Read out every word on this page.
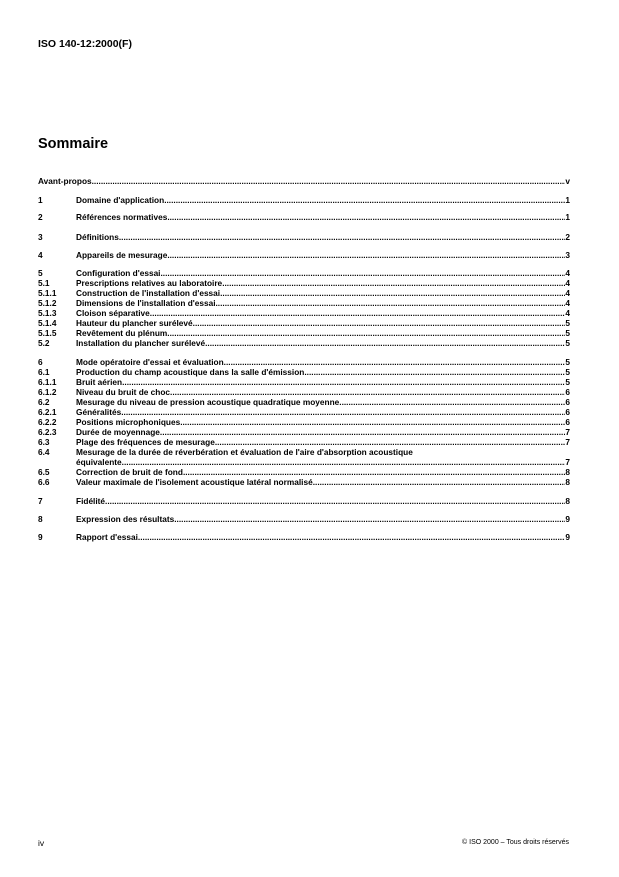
ISO 140-12:2000(F)
Sommaire
Avant-propos .....	v
1	Domaine d'application .....	1
2	Références normatives .....	1
3	Définitions .....	2
4	Appareils de mesurage .....	3
5	Configuration d'essai .....	4
5.1	Prescriptions relatives au laboratoire .....	4
5.1.1 Construction de l'installation d'essai .....	4
5.1.2 Dimensions de l'installation d'essai .....	4
5.1.3 Cloison séparative .....	4
5.1.4 Hauteur du plancher surélevé .....	5
5.1.5 Revêtement du plénum .....	5
5.2	Installation du plancher surélevé .....	5
6	Mode opératoire d'essai et évaluation .....	5
6.1	Production du champ acoustique dans la salle d'émission .....	5
6.1.1 Bruit aérien .....	5
6.1.2 Niveau du bruit de choc .....	6
6.2	Mesurage du niveau de pression acoustique quadratique moyenne .....	6
6.2.1 Généralités .....	6
6.2.2 Positions microphoniques .....	6
6.2.3 Durée de moyennage .....	7
6.3	Plage des fréquences de mesurage .....	7
6.4	Mesurage de la durée de réverbération et évaluation de l'aire d'absorption acoustique
équivalente .....	7
6.5	Correction de bruit de fond .....	8
6.6	Valeur maximale de l'isolement acoustique latéral normalisé .....	8
7	Fidélité .....	8
8	Expression des résultats .....	9
9	Rapport d'essai .....	9
iv	© ISO 2000 – Tous droits réservés
